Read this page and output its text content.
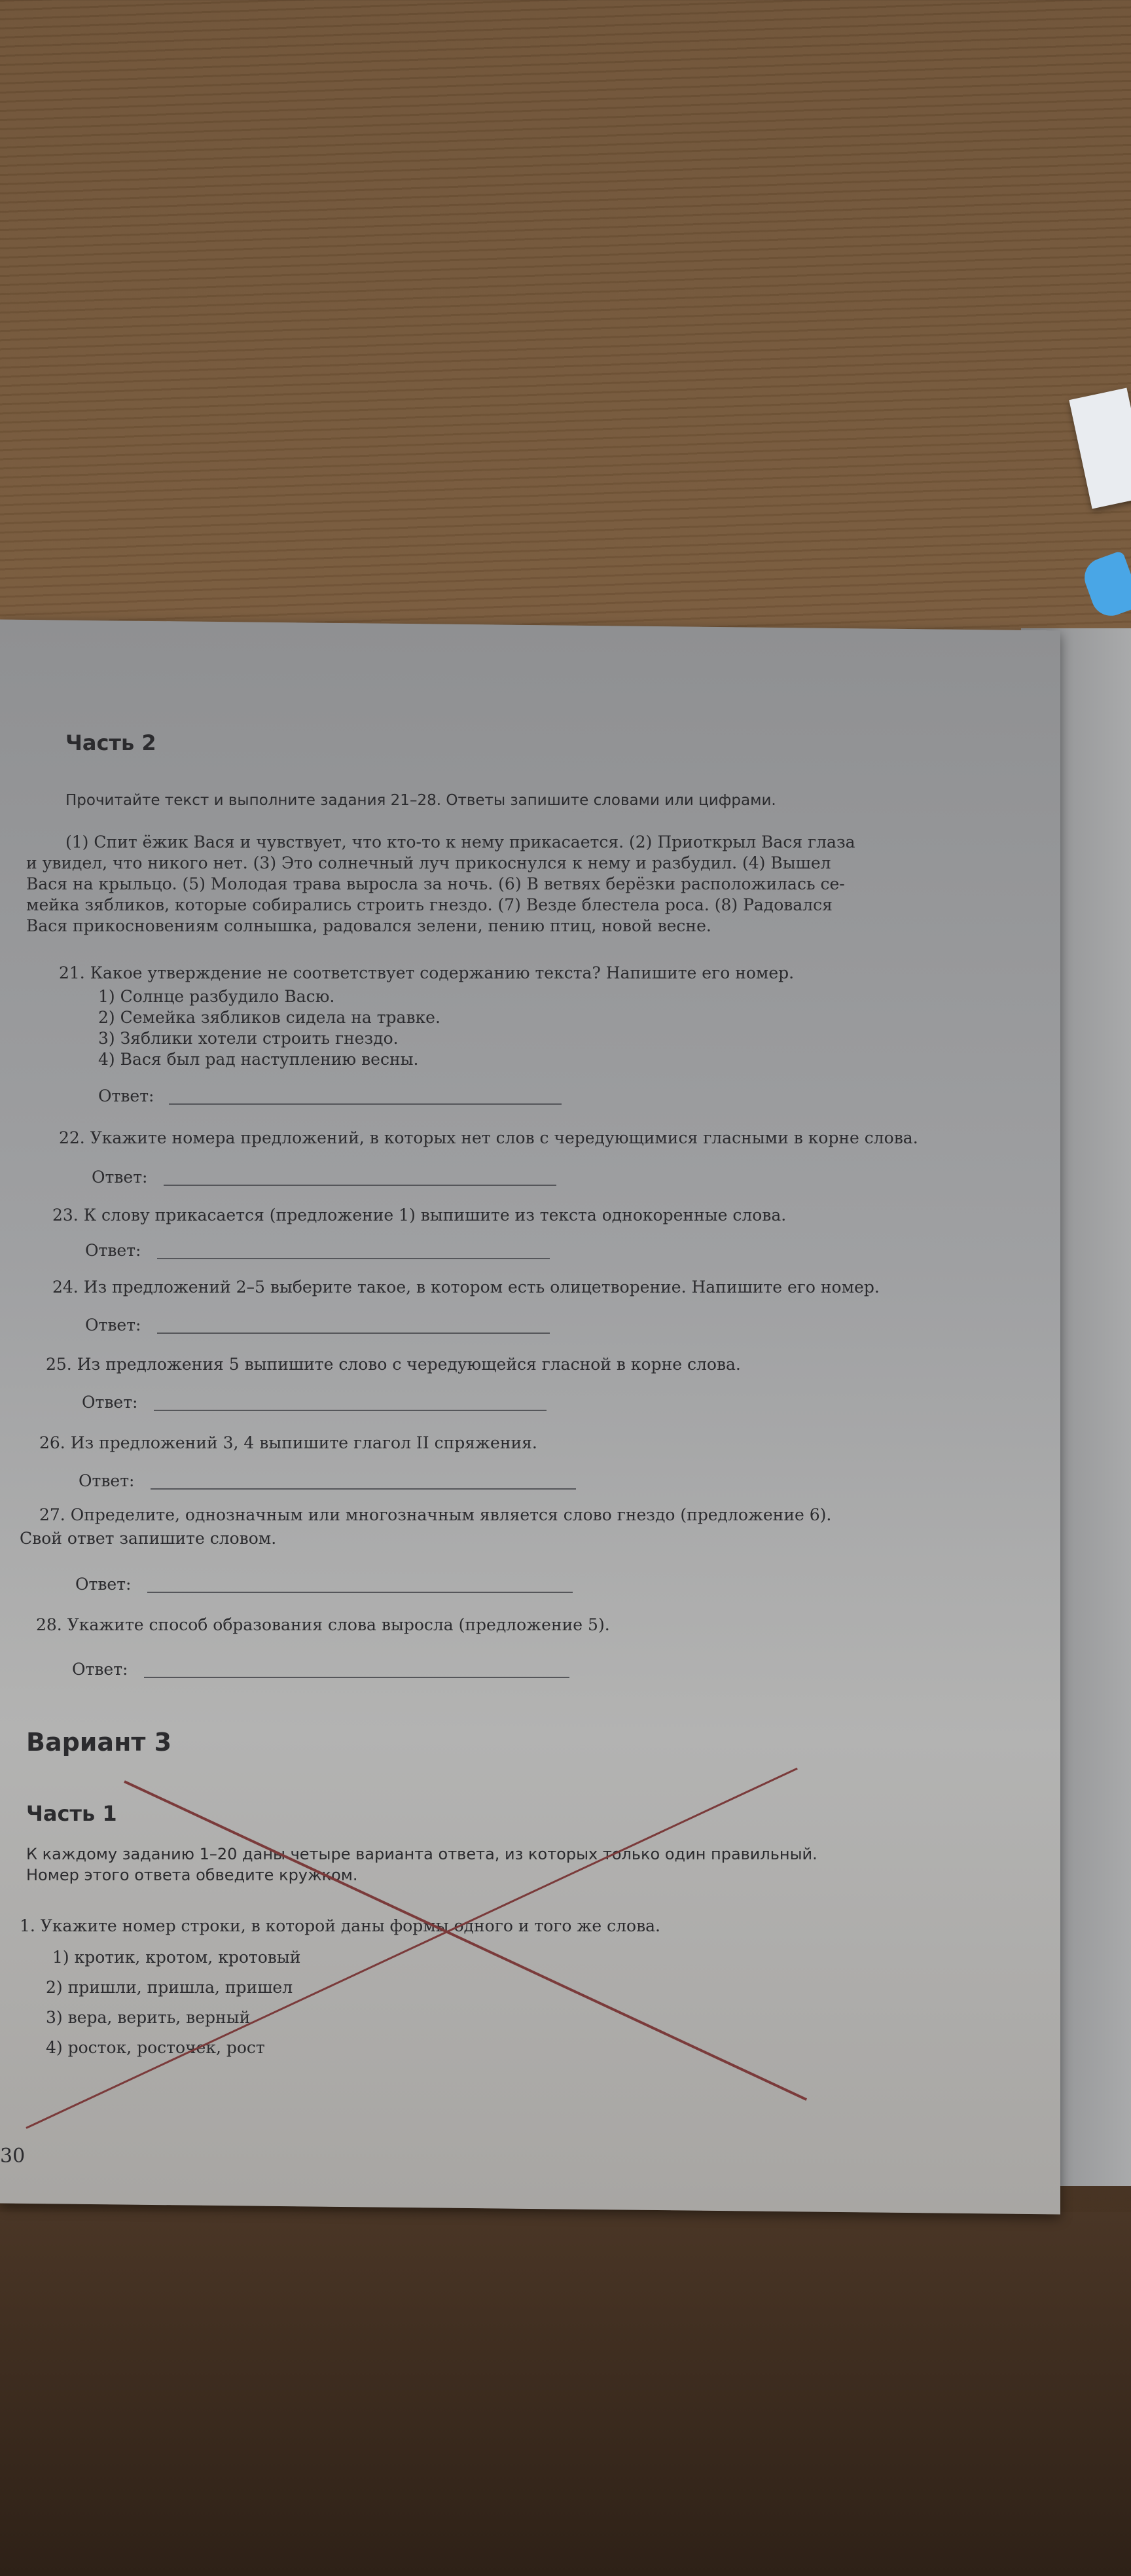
Часть 2
Прочитайте текст и выполните задания 21–28. Ответы запишите словами или цифрами.
(1) Спит ёжик Вася и чувствует, что кто-то к нему прикасается. (2) Приоткрыл Вася глаза
и увидел, что никого нет. (3) Это солнечный луч прикоснулся к нему и разбудил. (4) Вышел
Вася на крыльцо. (5) Молодая трава выросла за ночь. (6) В ветвях берёзки расположилась се-
мейка зябликов, которые собирались строить гнездо. (7) Везде блестела роса. (8) Радовался
Вася прикосновениям солнышка, радовался зелени, пению птиц, новой весне.
21. Какое утверждение не соответствует содержанию текста? Напишите его номер.
1) Солнце разбудило Васю.
2) Семейка зябликов сидела на травке.
3) Зяблики хотели строить гнездо.
4) Вася был рад наступлению весны.
Ответ:
22. Укажите номера предложений, в которых нет слов с чередующимися гласными в корне слова.
Ответ:
23. К слову прикасается (предложение 1) выпишите из текста однокоренные слова.
Ответ:
24. Из предложений 2–5 выберите такое, в котором есть олицетворение. Напишите его номер.
Ответ:
25. Из предложения 5 выпишите слово с чередующейся гласной в корне слова.
Ответ:
26. Из предложений 3, 4 выпишите глагол II спряжения.
Ответ:
27. Определите, однозначным или многозначным является слово гнездо (предложение 6).
Свой ответ запишите словом.
Ответ:
28. Укажите способ образования слова выросла (предложение 5).
Ответ:
Вариант 3
Часть 1
К каждому заданию 1–20 даны четыре варианта ответа, из которых только один правильный.
Номер этого ответа обведите кружком.
1. Укажите номер строки, в которой даны формы одного и того же слова.
1) кротик, кротом, кротовый
2) пришли, пришла, пришел
3) вера, верить, верный
4) росток, росточек, рост
30
